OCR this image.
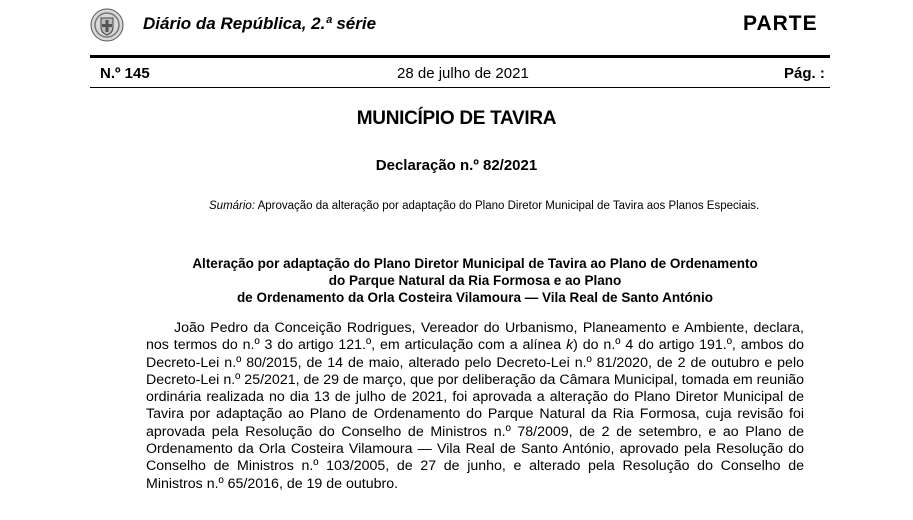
Diário da República, 2.ª série	PARTE
N.º 145	28 de julho de 2021	Pág. :
MUNICÍPIO DE TAVIRA
Declaração n.º 82/2021
Sumário: Aprovação da alteração por adaptação do Plano Diretor Municipal de Tavira aos Planos Especiais.
Alteração por adaptação do Plano Diretor Municipal de Tavira ao Plano de Ordenamento
do Parque Natural da Ria Formosa e ao Plano
de Ordenamento da Orla Costeira Vilamoura — Vila Real de Santo António
João Pedro da Conceição Rodrigues, Vereador do Urbanismo, Planeamento e Ambiente, declara, nos termos do n.º 3 do artigo 121.º, em articulação com a alínea k) do n.º 4 do artigo 191.º, ambos do Decreto-Lei n.º 80/2015, de 14 de maio, alterado pelo Decreto-Lei n.º 81/2020, de 2 de outubro e pelo Decreto-Lei n.º 25/2021, de 29 de março, que por deliberação da Câmara Municipal, tomada em reunião ordinária realizada no dia 13 de julho de 2021, foi aprovada a alteração do Plano Diretor Municipal de Tavira por adaptação ao Plano de Ordenamento do Parque Natural da Ria Formosa, cuja revisão foi aprovada pela Resolução do Conselho de Ministros n.º 78/2009, de 2 de setembro, e ao Plano de Ordenamento da Orla Costeira Vilamoura — Vila Real de Santo António, aprovado pela Resolução do Conselho de Ministros n.º 103/2005, de 27 de junho, e alterado pela Resolução do Conselho de Ministros n.º 65/2016, de 19 de outubro.
